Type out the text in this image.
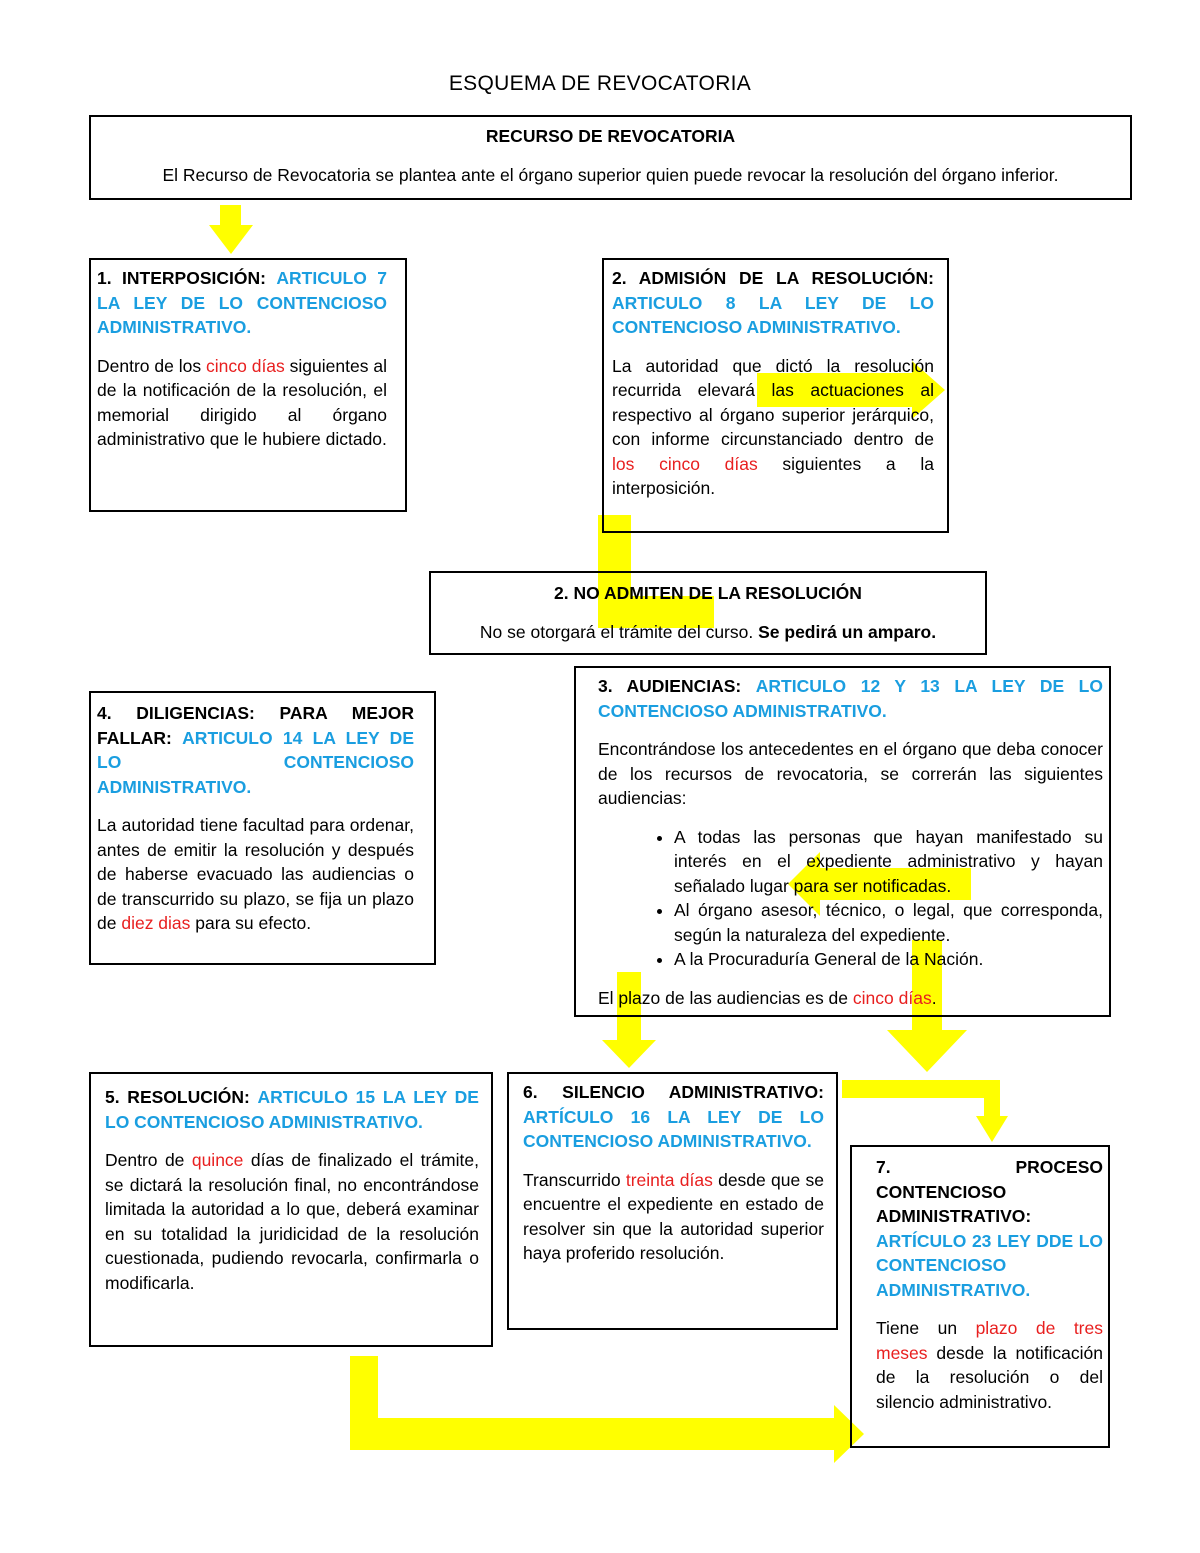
ESQUEMA DE REVOCATORIA

RECURSO DE REVOCATORIA

El Recurso de Revocatoria se plantea ante el órgano superior quien puede revocar la resolución del órgano inferior.

1. INTERPOSICIÓN: ARTICULO 7 LA LEY DE LO CONTENCIOSO ADMINISTRATIVO.

Dentro de los cinco días siguientes al de la notificación de la resolución, el memorial dirigido al órgano administrativo que le hubiere dictado.

2. ADMISIÓN DE LA RESOLUCIÓN: ARTICULO 8 LA LEY DE LO CONTENCIOSO ADMINISTRATIVO.

La autoridad que dictó la resolución recurrida elevará las actuaciones al respectivo al órgano superior jerárquico, con informe circunstanciado dentro de los cinco días siguientes a la interposición.

2. NO ADMITEN DE LA RESOLUCIÓN

No se otorgará el trámite del curso. Se pedirá un amparo.

3. AUDIENCIAS: ARTICULO 12 Y 13 LA LEY DE LO CONTENCIOSO ADMINISTRATIVO.

Encontrándose los antecedentes en el órgano que deba conocer de los recursos de revocatoria, se correrán las siguientes audiencias:

• A todas las personas que hayan manifestado su interés en el expediente administrativo y hayan señalado lugar para ser notificadas.
• Al órgano asesor, técnico, o legal, que corresponda, según la naturaleza del expediente.
• A la Procuraduría General de la Nación.

El plazo de las audiencias es de cinco días.

4. DILIGENCIAS: PARA MEJOR FALLAR: ARTICULO 14 LA LEY DE LO CONTENCIOSO ADMINISTRATIVO.

La autoridad tiene facultad para ordenar, antes de emitir la resolución y después de haberse evacuado las audiencias o de transcurrido su plazo, se fija un plazo de diez dias para su efecto.

5. RESOLUCIÓN: ARTICULO 15 LA LEY DE LO CONTENCIOSO ADMINISTRATIVO.

Dentro de quince días de finalizado el trámite, se dictará la resolución final, no encontrándose limitada la autoridad a lo que, deberá examinar en su totalidad la juridicidad de la resolución cuestionada, pudiendo revocarla, confirmarla o modificarla.

6. SILENCIO ADMINISTRATIVO: ARTÍCULO 16 LA LEY DE LO CONTENCIOSO ADMINISTRATIVO.

Transcurrido treinta días desde que se encuentre el expediente en estado de resolver sin que la autoridad superior haya proferido resolución.

7. PROCESO CONTENCIOSO ADMINISTRATIVO: ARTÍCULO 23 LEY DDE LO CONTENCIOSO ADMINISTRATIVO.

Tiene un plazo de tres meses desde la notificación de la resolución o del silencio administrativo.
